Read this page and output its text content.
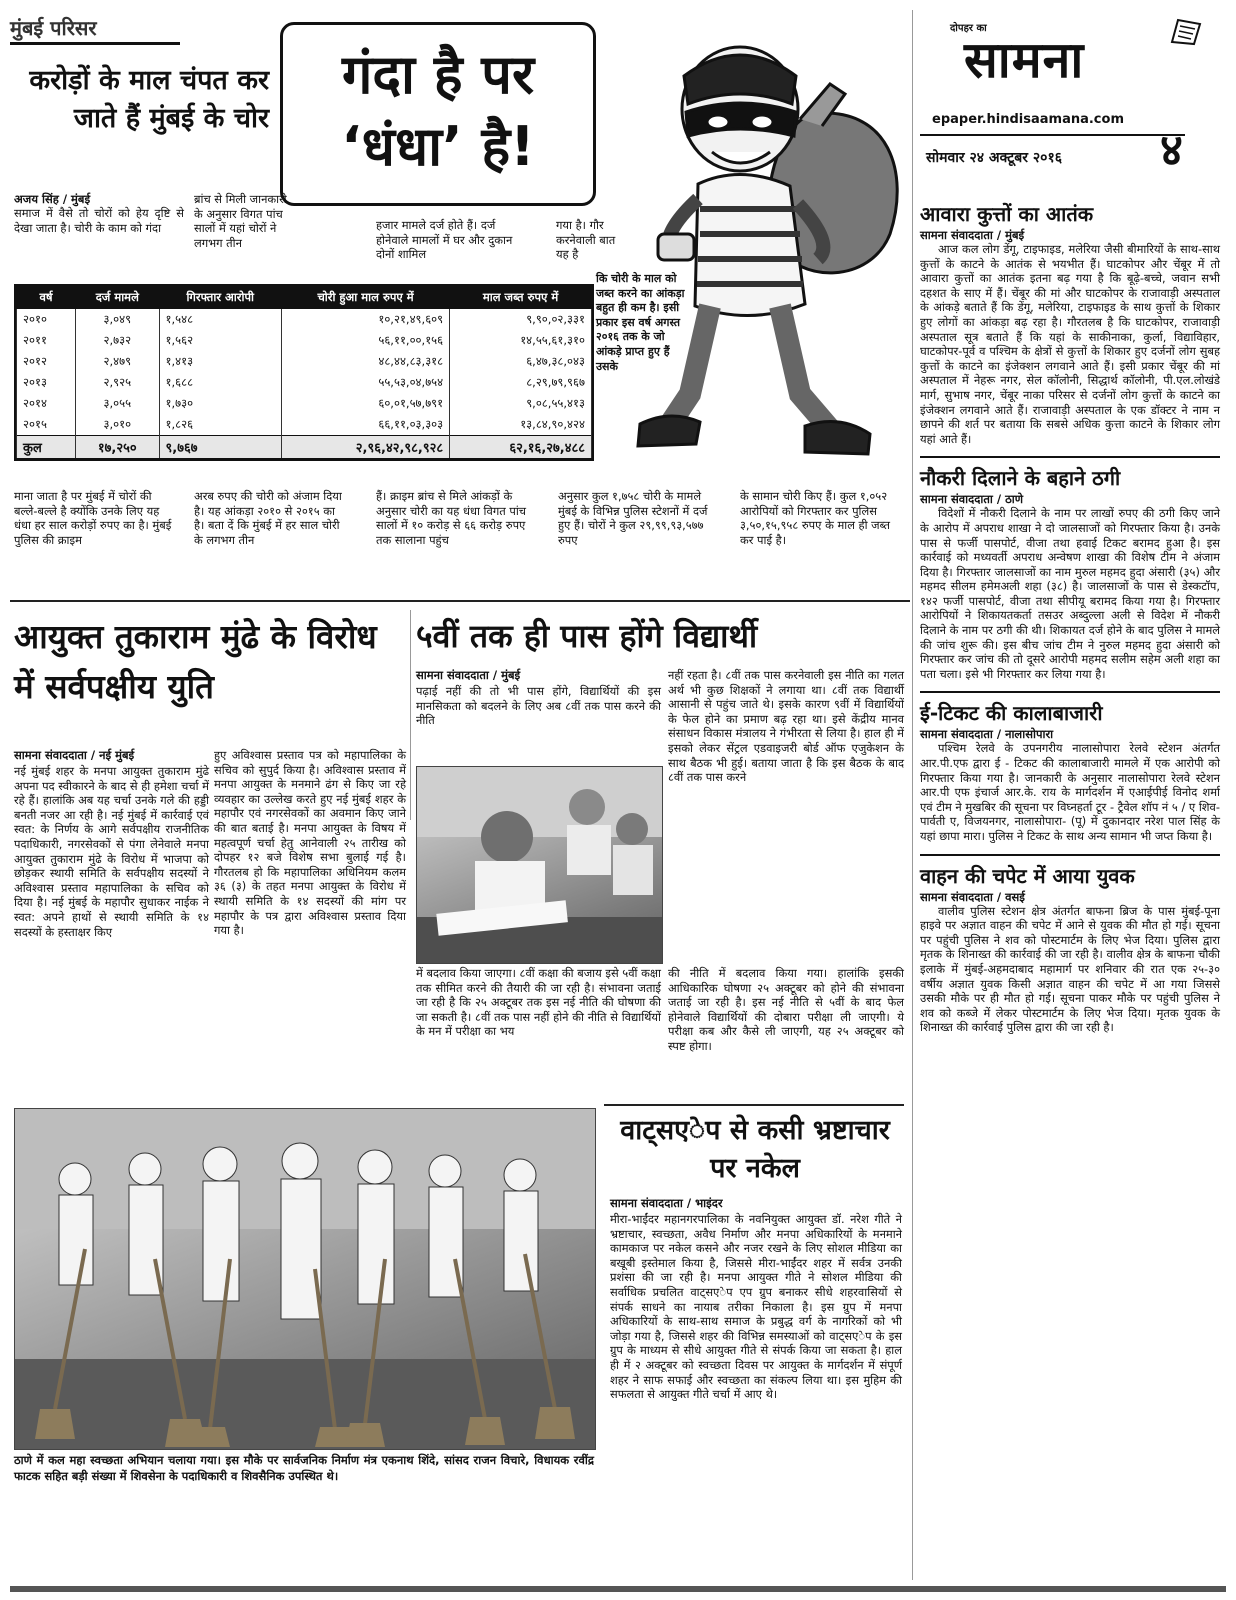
मुंबई परिसर
करोड़ों के माल चंपत कर जाते हैं मुंबई के चोर
गंदा है पर
‘धंधा’ है!
दोपहर का
सामना
epaper.hindisaamana.com
सोमवार २४ अक्टूबर २०१६ ४
अजय सिंह / मुंबई
समाज में वैसे तो चोरों को हेय दृष्टि से देखा जाता है। चोरी के काम को गंदा
ब्रांच से मिली जानकारी के अनुसार विगत पांच सालों में यहां चोरों ने लगभग तीन
हजार मामले दर्ज होते हैं। दर्ज होनेवाले मामलों में घर और दुकान दोनों शामिल
गया है। गौर करनेवाली बात यह है
वर्ष	दर्ज मामले	गिरफ्तार आरोपी	चोरी हुआ माल रुपए में	माल जब्त रुपए में
२०१०	३,०४९	१,५४८	१०,२१,४९,६०९	९,९०,०२,३३१
२०११	२,७३२	१,५६२	५६,११,००,१५६	१४,५५,६१,३१०
२०१२	२,४७९	१,४१३	४८,४४,८३,३१८	६,४७,३८,०४३
२०१३	२,९२५	१,६८८	५५,५३,०४,७५४	८,२९,७९,९६७
२०१४	३,०५५	१,७३०	६०,०१,५७,७९१	९,०८,५५,४१३
२०१५	३,०१०	१,८२६	६६,११,०३,३०३	१३,८४,९०,४२४
कुल	१७,२५०	९,७६७	२,९६,४२,९८,९२८	६२,१६,२७,४८८
कि चोरी के माल को जब्त करने का आंकड़ा बहुत ही कम है। इसी प्रकार इस वर्ष अगस्त २०१६ तक के जो आंकड़े प्राप्त हुए हैं उसके
माना जाता है पर मुंबई में चोरों की बल्ले-बल्ले है क्योंकि उनके लिए यह धंधा हर साल करोड़ों रुपए का है। मुंबई पुलिस की क्राइम
अरब रुपए की चोरी को अंजाम दिया है। यह आंकड़ा २०१० से २०१५ का है। बता दें कि मुंबई में हर साल चोरी के लगभग तीन
हैं। क्राइम ब्रांच से मिले आंकड़ों के अनुसार चोरी का यह धंधा विगत पांच सालों में १० करोड़ से ६६ करोड़ रुपए तक सालाना पहुंच
अनुसार कुल १,७५८ चोरी के मामले मुंबई के विभिन्न पुलिस स्टेशनों में दर्ज हुए हैं। चोरों ने कुल २९,९९,९३,५७७ रुपए
के सामान चोरी किए हैं। कुल १,०५२ आरोपियों को गिरफ्तार कर पुलिस ३,५०,१५,९५८ रुपए के माल ही जब्त कर पाई है।
आयुक्त तुकाराम मुंढे के विरोध में सर्वपक्षीय युति
सामना संवाददाता / नई मुंबई
नई मुंबई शहर के मनपा आयुक्त तुकाराम मुंढे अपना पद स्वीकारने के बाद से ही हमेशा चर्चा में रहे हैं। हालांकि अब यह चर्चा उनके गले की हड्डी बनती नजर आ रही है। नई मुंबई में कार्रवाई एवं स्वत: के निर्णय के आगे सर्वपक्षीय राजनीतिक पदाधिकारी, नगरसेवकों से पंगा लेनेवाले मनपा आयुक्त तुकाराम मुंढे के विरोध में भाजपा को छोड़कर स्थायी समिति के सर्वपक्षीय सदस्यों ने अविश्वास प्रस्ताव महापालिका के सचिव को दिया है। नई मुंबई के महापौर सुधाकर नाईक ने स्वत: अपने हाथों से स्थायी समिति के १४ सदस्यों के हस्ताक्षर किए
हुए अविश्वास प्रस्ताव पत्र को महापालिका के सचिव को सुपुर्द किया है। अविश्वास प्रस्ताव में मनपा आयुक्त के मनमाने ढंग से किए जा रहे व्यवहार का उल्लेख करते हुए नई मुंबई शहर के महापौर एवं नगरसेवकों का अवमान किए जाने की बात बताई है। मनपा आयुक्त के विषय में महत्वपूर्ण चर्चा हेतु आनेवाली २५ तारीख को दोपहर १२ बजे विशेष सभा बुलाई गई है। गौरतलब हो कि महापालिका अधिनियम कलम ३६ (३) के तहत मनपा आयुक्त के विरोध में स्थायी समिति के १४ सदस्यों की मांग पर महापौर के पत्र द्वारा अविश्वास प्रस्ताव दिया गया है।
५वीं तक ही पास होंगे विद्यार्थी
सामना संवाददाता / मुंबई
पढ़ाई नहीं की तो भी पास होंगे, विद्यार्थियों की इस मानसिकता को बदलने के लिए अब ८वीं तक पास करने की नीति
नहीं रहता है। ८वीं तक पास करनेवाली इस नीति का गलत अर्थ भी कुछ शिक्षकों ने लगाया था। ८वीं तक विद्यार्थी आसानी से पहुंच जाते थे। इसके कारण ९वीं में विद्यार्थियों के फेल होने का प्रमाण बढ़ रहा था। इसे केंद्रीय मानव संसाधन विकास मंत्रालय ने गंभीरता से लिया है। हाल ही में इसको लेकर सेंट्रल एडवाइजरी बोर्ड ऑफ एजुकेशन के साथ बैठक भी हुई। बताया जाता है कि इस बैठक के बाद ८वीं तक पास करने
में बदलाव किया जाएगा। ८वीं कक्षा की बजाय इसे ५वीं कक्षा तक सीमित करने की तैयारी की जा रही है। संभावना जताई जा रही है कि २५ अक्टूबर तक इस नई नीति की घोषणा की जा सकती है। ८वीं तक पास नहीं होने की नीति से विद्यार्थियों के मन में परीक्षा का भय
की नीति में बदलाव किया गया। हालांकि इसकी आधिकारिक घोषणा २५ अक्टूबर को होने की संभावना जताई जा रही है। इस नई नीति से ५वीं के बाद फेल होनेवाले विद्यार्थियों की दोबारा परीक्षा ली जाएगी। ये परीक्षा कब और कैसे ली जाएगी, यह २५ अक्टूबर को स्पष्ट होगा।
ठाणे में कल महा स्वच्छता अभियान चलाया गया। इस मौके पर सार्वजनिक निर्माण मंत्र एकनाथ शिंदे, सांसद राजन विचारे, विधायक रवींद्र फाटक सहित बड़ी संख्या में शिवसेना के पदाधिकारी व शिवसैनिक उपस्थित थे।
वाट्सएेप से कसी भ्रष्टाचार पर नकेल
सामना संवाददाता / भाइंदर
मीरा-भाईंदर महानगरपालिका के नवनियुक्त आयुक्त डॉ. नरेश गीते ने भ्रष्टाचार, स्वच्छता, अवैध निर्माण और मनपा अधिकारियों के मनमाने कामकाज पर नकेल कसने और नजर रखने के लिए सोशल मीडिया का बखूबी इस्तेमाल किया है, जिससे मीरा-भाईंदर शहर में सर्वत्र उनकी प्रशंसा की जा रही है। मनपा आयुक्त गीते ने सोशल मीडिया की सर्वाधिक प्रचलित वाट्सएेप एप ग्रुप बनाकर सीधे शहरवासियों से संपर्क साधने का नायाब तरीका निकाला है। इस ग्रुप में मनपा अधिकारियों के साथ-साथ समाज के प्रबुद्ध वर्ग के नागरिकों को भी जोड़ा गया है, जिससे शहर की विभिन्न समस्याओं को वाट्सएेप के इस ग्रुप के माध्यम से सीधे आयुक्त गीते से संपर्क किया जा सकता है। हाल ही में २ अक्टूबर को स्वच्छता दिवस पर आयुक्त के मार्गदर्शन में संपूर्ण शहर ने साफ सफाई और स्वच्छता का संकल्प लिया था। इस मुहिम की सफलता से आयुक्त गीते चर्चा में आए थे।
आवारा कुत्तों का आतंक
सामना संवाददाता / मुंबई
आज कल लोग डेंगू, टाइफाइड, मलेरिया जैसी बीमारियों के साथ-साथ कुत्तों के काटने के आतंक से भयभीत हैं। घाटकोपर और चेंबूर में तो आवारा कुत्तों का आतंक इतना बढ़ गया है कि बूढ़े-बच्चे, जवान सभी दहशत के साए में हैं। चेंबूर की मां और घाटकोपर के राजावाड़ी अस्पताल के आंकड़े बताते हैं कि डेंगू, मलेरिया, टाइफाइड के साथ कुत्तों के शिकार हुए लोगों का आंकड़ा बढ़ रहा है। गौरतलब है कि घाटकोपर, राजावाड़ी अस्पताल सूत्र बताते हैं कि यहां के साकीनाका, कुर्ला, विद्याविहार, घाटकोपर-पूर्व व पश्चिम के क्षेत्रों से कुत्तों के शिकार हुए दर्जनों लोग सुबह कुत्तों के काटने का इंजेक्शन लगवाने आते हैं। इसी प्रकार चेंबूर की मां अस्पताल में नेहरू नगर, सेल कॉलोनी, सिद्धार्थ कॉलोनी, पी.एल.लोखंडे मार्ग, सुभाष नगर, चेंबूर नाका परिसर से दर्जनों लोग कुत्तों के काटने का इंजेक्शन लगवाने आते हैं। राजावाड़ी अस्पताल के एक डॉक्टर ने नाम न छापने की शर्त पर बताया कि सबसे अधिक कुत्ता काटने के शिकार लोग यहां आते हैं।
नौकरी दिलाने के बहाने ठगी
सामना संवाददाता / ठाणे
विदेशों में नौकरी दिलाने के नाम पर लाखों रुपए की ठगी किए जाने के आरोप में अपराध शाखा ने दो जालसाजों को गिरफ्तार किया है। उनके पास से फर्जी पासपोर्ट, वीजा तथा हवाई टिकट बरामद हुआ है। इस कार्रवाई को मध्यवर्ती अपराध अन्वेषण शाखा की विशेष टीम ने अंजाम दिया है। गिरफ्तार जालसाजों का नाम मुरुल महमद हुदा अंसारी (३५) और महमद सीलम हमेमअली शहा (३८) है। जालसाजों के पास से डेस्कटॉप, १४२ फर्जी पासपोर्ट, वीजा तथा सीपीयू बरामद किया गया है। गिरफ्तार आरोपियों ने शिकायतकर्ता तसउर अब्दुल्ला अली से विदेश में नौकरी दिलाने के नाम पर ठगी की थी। शिकायत दर्ज होने के बाद पुलिस ने मामले की जांच शुरू की। इस बीच जांच टीम ने नुरुल महमद हुदा अंसारी को गिरफ्तार कर जांच की तो दूसरे आरोपी महमद सलीम सहेम अली शहा का पता चला। इसे भी गिरफ्तार कर लिया गया है।
ई-टिकट की कालाबाजारी
सामना संवाददाता / नालासोपारा
पश्चिम रेलवे के उपनगरीय नालासोपारा रेलवे स्टेशन अंतर्गत आर.पी.एफ द्वारा ई - टिकट की कालाबाजारी मामले में एक आरोपी को गिरफ्तार किया गया है। जानकारी के अनुसार नालासोपारा रेलवे स्टेशन आर.पी एफ इंचार्ज आर.के. राय के मार्गदर्शन में एआईपीई विनोद शर्मा एवं टीम ने मुखबिर की सूचना पर विघ्नहर्ता टूर - ट्रैवेल शॉप नं ५ / ए शिव- पार्वती ए, विजयनगर, नालासोपारा- (पू) में दुकानदार नरेश पाल सिंह के यहां छापा मारा। पुलिस ने टिकट के साथ अन्य सामान भी जप्त किया है।
वाहन की चपेट में आया युवक
सामना संवाददाता / वसई
वालीव पुलिस स्टेशन क्षेत्र अंतर्गत बाफना ब्रिज के पास मुंबई-पूना हाइवे पर अज्ञात वाहन की चपेट में आने से युवक की मौत हो गई। सूचना पर पहुंची पुलिस ने शव को पोस्टमार्टम के लिए भेज दिया। पुलिस द्वारा मृतक के शिनाख्त की कार्रवाई की जा रही है। वालीव क्षेत्र के बाफना चौकी इलाके में मुंबई-अहमदाबाद महामार्ग पर शनिवार की रात एक २५-३० वर्षीय अज्ञात युवक किसी अज्ञात वाहन की चपेट में आ गया जिससे उसकी मौके पर ही मौत हो गई। सूचना पाकर मौके पर पहुंची पुलिस ने शव को कब्जे में लेकर पोस्टमार्टम के लिए भेज दिया। मृतक युवक के शिनाख्त की कार्रवाई पुलिस द्वारा की जा रही है।
